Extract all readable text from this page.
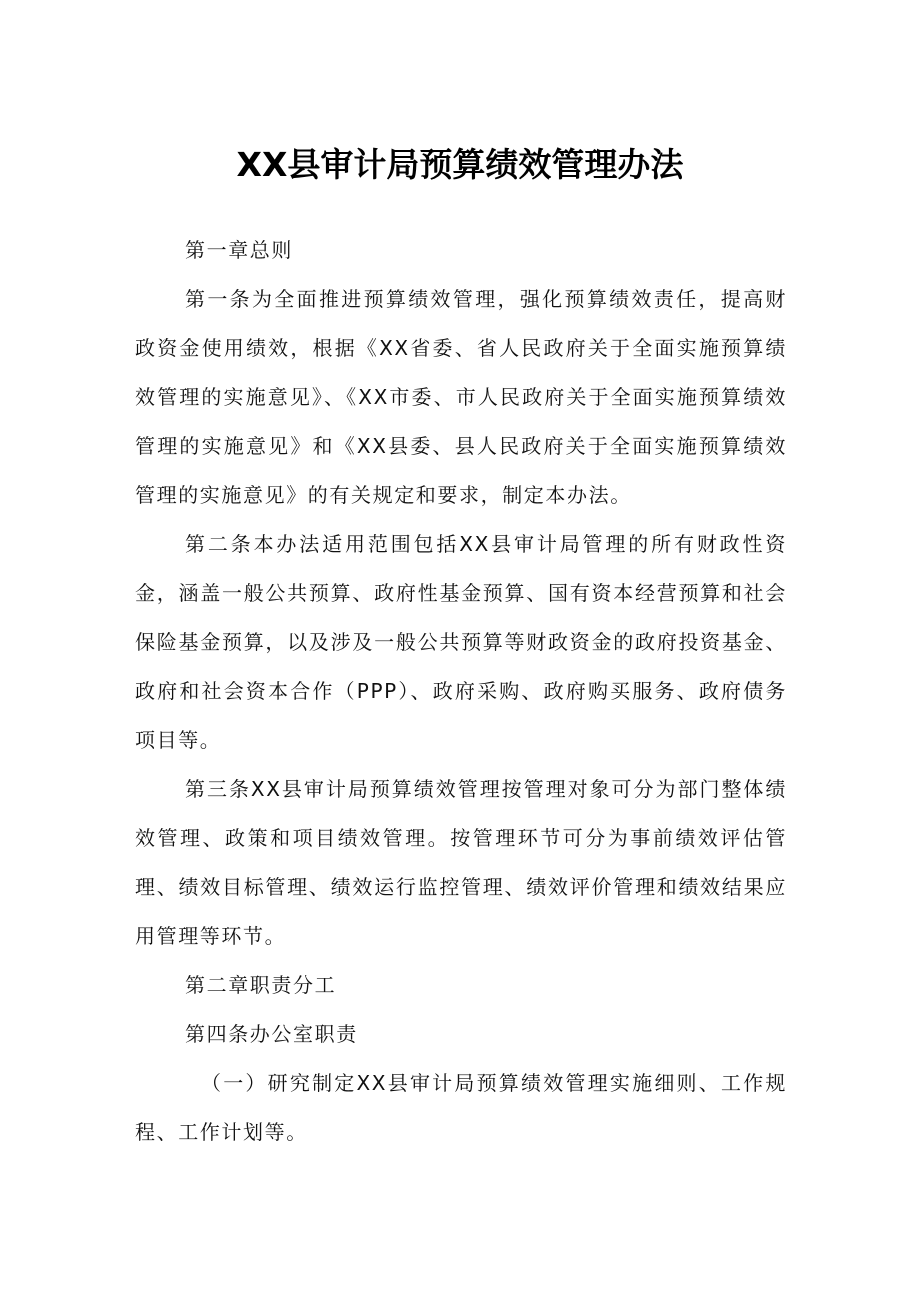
XX县审计局预算绩效管理办法

第一章总则

第一条为全面推进预算绩效管理，强化预算绩效责任，提高财政资金使用绩效，根据《XX省委、省人民政府关于全面实施预算绩效管理的实施意见》、《XX市委、市人民政府关于全面实施预算绩效管理的实施意见》和《XX县委、县人民政府关于全面实施预算绩效管理的实施意见》的有关规定和要求，制定本办法。

第二条本办法适用范围包括XX县审计局管理的所有财政性资金，涵盖一般公共预算、政府性基金预算、国有资本经营预算和社会保险基金预算，以及涉及一般公共预算等财政资金的政府投资基金、政府和社会资本合作（PPP）、政府采购、政府购买服务、政府债务项目等。

第三条XX县审计局预算绩效管理按管理对象可分为部门整体绩效管理、政策和项目绩效管理。按管理环节可分为事前绩效评估管理、绩效目标管理、绩效运行监控管理、绩效评价管理和绩效结果应用管理等环节。

第二章职责分工

第四条办公室职责

（一）研究制定XX县审计局预算绩效管理实施细则、工作规程、工作计划等。
